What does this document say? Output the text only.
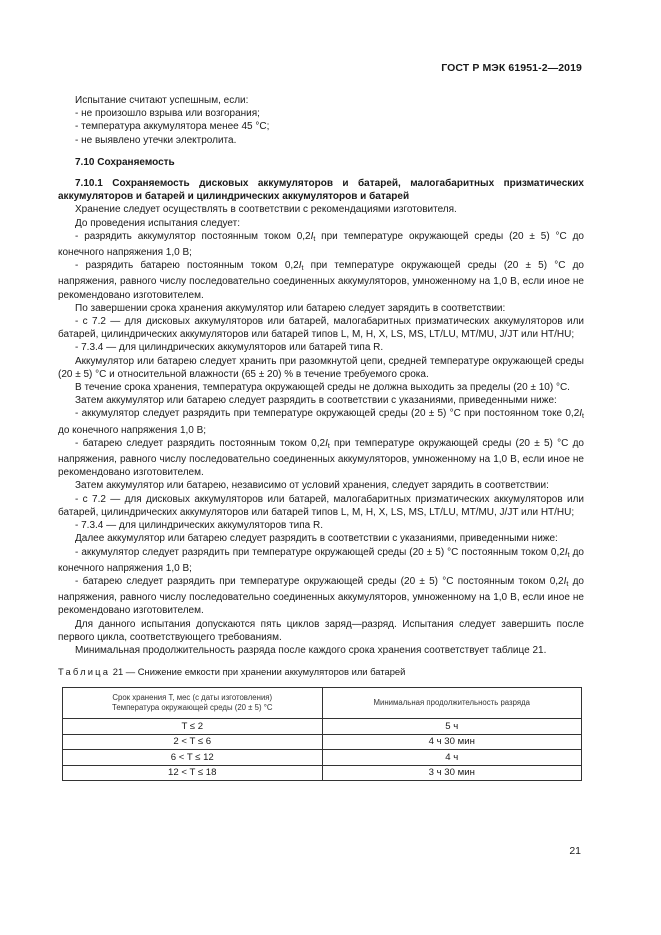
ГОСТ Р МЭК 61951-2—2019

Испытание считают успешным, если:

- не произошло взрыва или возгорания;

- температура аккумулятора менее 45 °С;

- не выявлено утечки электролита.

7.10 Сохраняемость

7.10.1 Сохраняемость дисковых аккумуляторов и батарей, малогабаритных призматических аккумуляторов и батарей и цилиндрических аккумуляторов и батарей

Хранение следует осуществлять в соответствии с рекомендациями изготовителя.

До проведения испытания следует:

- разрядить аккумулятор постоянным током $0,2I_t$ при температуре окружающей среды (20 ± 5) °С до конечного напряжения 1,0 В;

- разрядить батарею постоянным током $0,2I_t$ при температуре окружающей среды (20 ± 5) °С до напряжения, равного числу последовательно соединенных аккумуляторов, умноженному на 1,0 В, если иное не рекомендовано изготовителем.

По завершении срока хранения аккумулятор или батарею следует зарядить в соответствии:

- с 7.2 — для дисковых аккумуляторов или батарей, малогабаритных призматических аккумуляторов или батарей, цилиндрических аккумуляторов или батарей типов L, M, H, X, LS, MS, LT/LU, MT/MU, J/JT или HT/HU;

- 7.3.4 — для цилиндрических аккумуляторов или батарей типа R.

Аккумулятор или батарею следует хранить при разомкнутой цепи, средней температуре окружающей среды (20 ± 5) °С и относительной влажности (65 ± 20) % в течение требуемого срока.

В течение срока хранения, температура окружающей среды не должна выходить за пределы (20 ± 10) °С.

Затем аккумулятор или батарею следует разрядить в соответствии с указаниями, приведенными ниже:

- аккумулятор следует разрядить при температуре окружающей среды (20 ± 5) °С при постоянном токе $0,2I_t$ до конечного напряжения 1,0 В;

- батарею следует разрядить постоянным током $0,2I_t$ при температуре окружающей среды (20 ± 5) °С до напряжения, равного числу последовательно соединенных аккумуляторов, умноженному на 1,0 В, если иное не рекомендовано изготовителем.

Затем аккумулятор или батарею, независимо от условий хранения, следует зарядить в соответствии:

- с 7.2 — для дисковых аккумуляторов или батарей, малогабаритных призматических аккумуляторов или батарей, цилиндрических аккумуляторов или батарей типов L, M, H, X, LS, MS, LT/LU, MT/MU, J/JT или HT/HU;

- 7.3.4 — для цилиндрических аккумуляторов типа R.

Далее аккумулятор или батарею следует разрядить в соответствии с указаниями, приведенными ниже:

- аккумулятор следует разрядить при температуре окружающей среды (20 ± 5) °С постоянным током $0,2I_t$ до конечного напряжения 1,0 В;

- батарею следует разрядить при температуре окружающей среды (20 ± 5) °С постоянным током $0,2I_t$ до напряжения, равного числу последовательно соединенных аккумуляторов, умноженному на 1,0 В, если иное не рекомендовано изготовителем.

Для данного испытания допускаются пять циклов заряд—разряд. Испытания следует завершить после первого цикла, соответствующего требованиям.

Минимальная продолжительность разряда после каждого срока хранения соответствует таблице 21.

Таблица 21 — Снижение емкости при хранении аккумуляторов или батарей
Срок хранения T, мес (с даты изготовления)
Температура окружающей среды (20 ± 5) °С	Минимальная продолжительность разряда
T ≤ 2	5 ч
2 < T ≤ 6	4 ч 30 мин
6 < T ≤ 12	4 ч
12 < T ≤ 18	3 ч 30 мин
21
